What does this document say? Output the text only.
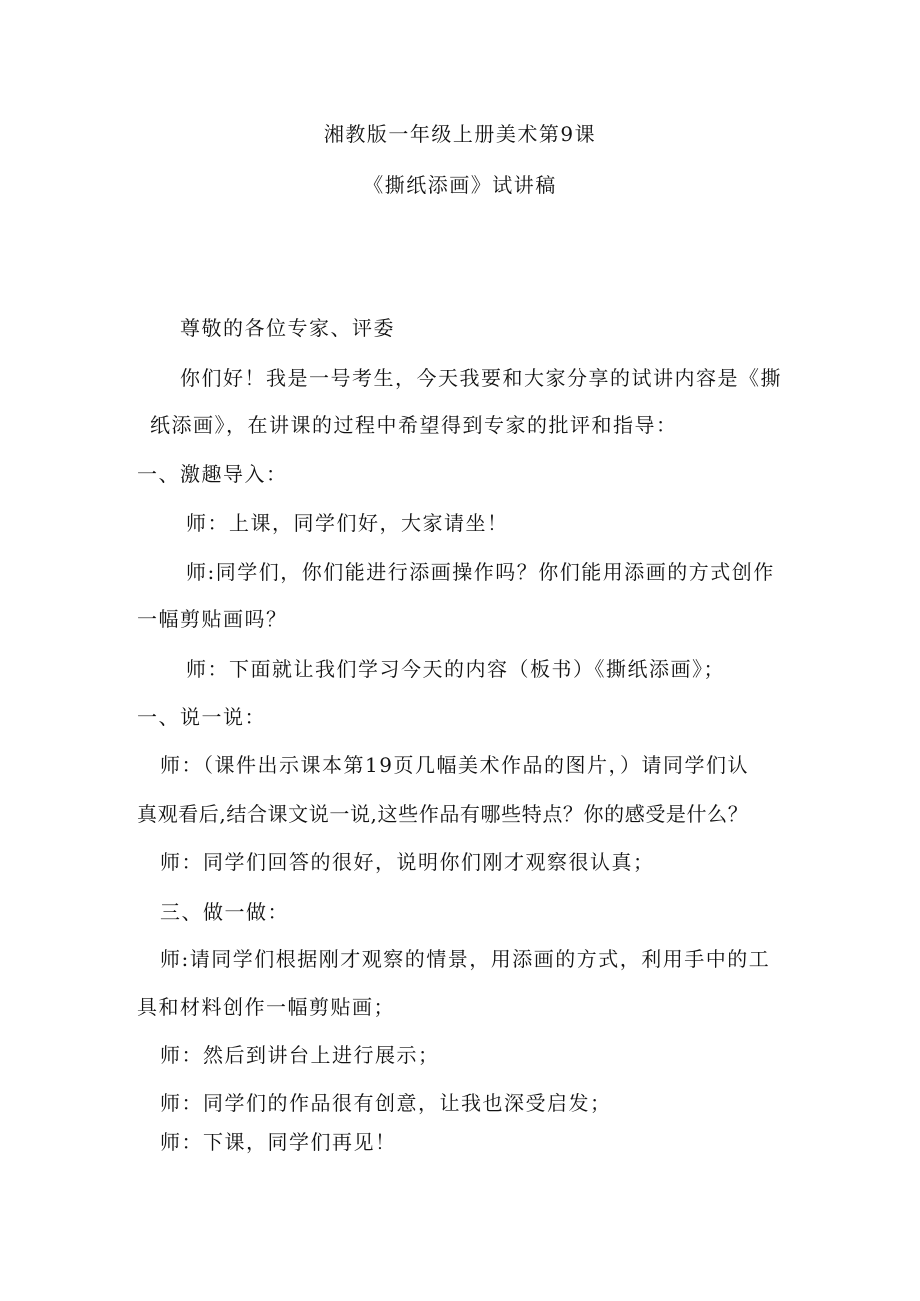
湘教版一年级上册美术第9课
《撕纸添画》试讲稿
尊敬的各位专家、评委
你们好！我是一号考生，今天我要和大家分享的试讲内容是《撕
纸添画》，在讲课的过程中希望得到专家的批评和指导：
一、激趣导入：
师：上课，同学们好，大家请坐！
师:同学们，你们能进行添画操作吗？你们能用添画的方式创作
一幅剪贴画吗？
师：下面就让我们学习今天的内容（板书）《撕纸添画》；
一、说一说：
师：（课件出示课本第19页几幅美术作品的图片，）请同学们认
真观看后,结合课文说一说,这些作品有哪些特点？你的感受是什么？
师：同学们回答的很好，说明你们刚才观察很认真；
三、做一做：
师:请同学们根据刚才观察的情景，用添画的方式，利用手中的工
具和材料创作一幅剪贴画；
师：然后到讲台上进行展示；
师：同学们的作品很有创意，让我也深受启发；
师：下课，同学们再见！
